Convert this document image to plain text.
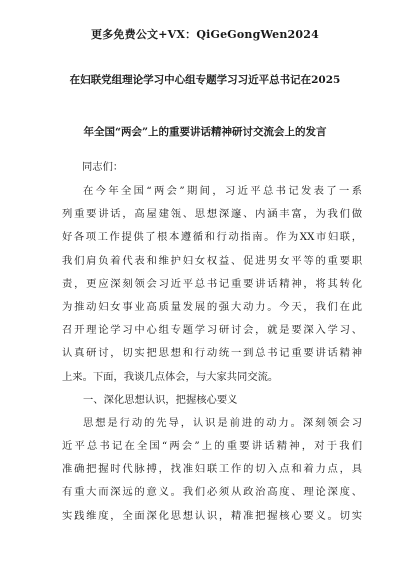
更多免费公文+VX：QiGeGongWen2024
在妇联党组理论学习中心组专题学习习近平总书记在2025
年全国“两会”上的重要讲话精神研讨交流会上的发言
同志们：
在今年全国“两会”期间，习近平总书记发表了一系
列重要讲话，高屋建瓴、思想深邃、内涵丰富，为我们做
好各项工作提供了根本遵循和行动指南。作为XX市妇联，
我们肩负着代表和维护妇女权益、促进男女平等的重要职
责，更应深刻领会习近平总书记重要讲话精神，将其转化
为推动妇女事业高质量发展的强大动力。今天，我们在此
召开理论学习中心组专题学习研讨会，就是要深入学习、
认真研讨，切实把思想和行动统一到总书记重要讲话精神
上来。下面，我谈几点体会，与大家共同交流。
一、深化思想认识，把握核心要义
思想是行动的先导，认识是前进的动力。深刻领会习
近平总书记在全国“两会”上的重要讲话精神，对于我们
准确把握时代脉搏，找准妇联工作的切入点和着力点，具
有重大而深远的意义。我们必须从政治高度、理论深度、
实践维度，全面深化思想认识，精准把握核心要义。切实
